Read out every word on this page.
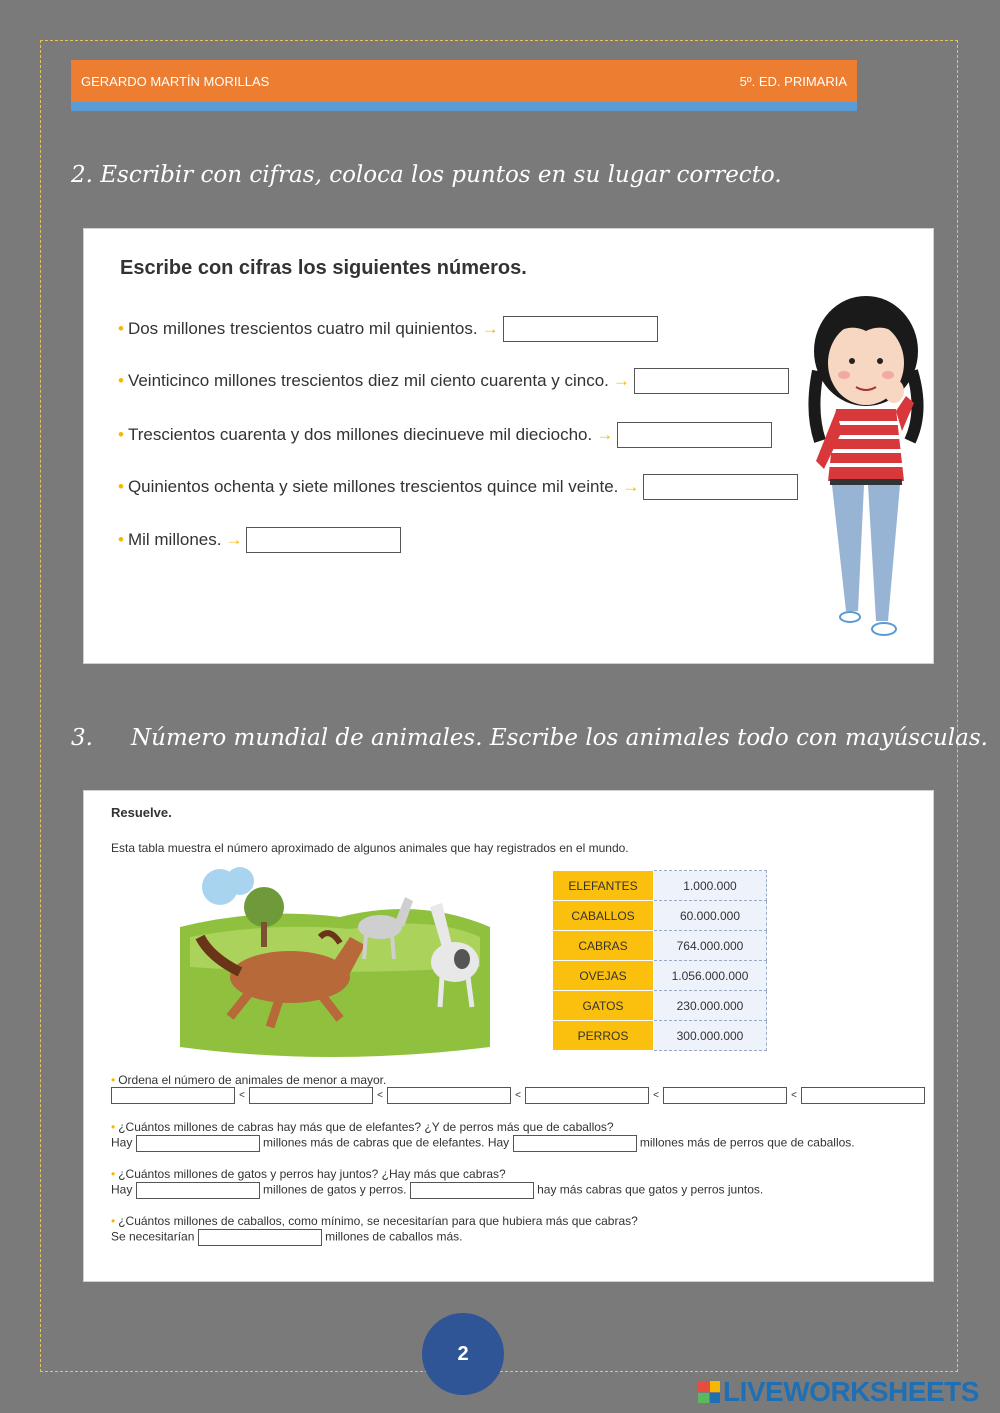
GERARDO MARTÍN MORILLAS	5º. ED. PRIMARIA
2. Escribir con cifras, coloca los puntos en su lugar correcto.
Escribe con cifras los siguientes números.
• Dos millones trescientos cuatro mil quinientos. →
• Veinticinco millones trescientos diez mil ciento cuarenta y cinco. →
• Trescientos cuarenta y dos millones diecinueve mil dieciocho. →
• Quinientos ochenta y siete millones trescientos quince mil veinte. →
• Mil millones. →
3. Número mundial de animales. Escribe los animales todo con mayúsculas.
Resuelve.
Esta tabla muestra el número aproximado de algunos animales que hay registrados en el mundo.
ELEFANTES	1.000.000
CABALLOS	60.000.000
CABRAS	764.000.000
OVEJAS	1.056.000.000
GATOS	230.000.000
PERROS	300.000.000
• Ordena el número de animales de menor a mayor.
<	<	<	<	<
• ¿Cuántos millones de cabras hay más que de elefantes? ¿Y de perros más que de caballos?
Hay	millones más de cabras que de elefantes. Hay	millones más de perros que de caballos.
• ¿Cuántos millones de gatos y perros hay juntos? ¿Hay más que cabras?
Hay	millones de gatos y perros.	hay más cabras que gatos y perros juntos.
• ¿Cuántos millones de caballos, como mínimo, se necesitarían para que hubiera más que cabras?
Se necesitarían	millones de caballos más.
2
LIVEWORKSHEETS
